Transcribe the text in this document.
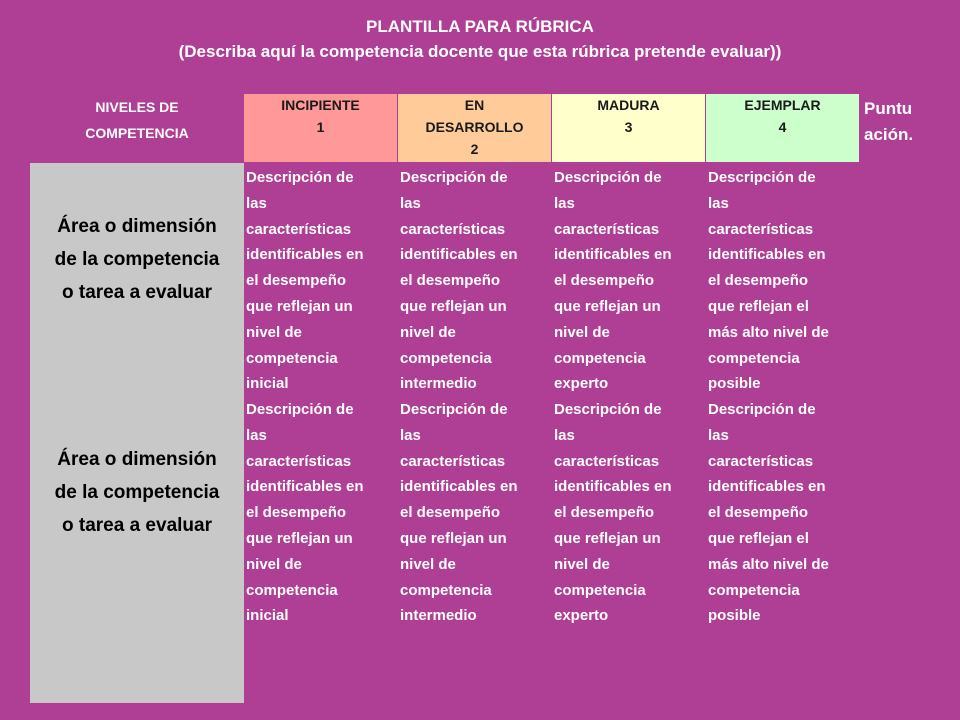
PLANTILLA PARA RÚBRICA
(Describa aquí la competencia docente que esta rúbrica pretende evaluar))
NIVELES DE
COMPETENCIA
INCIPIENTE
1
EN
DESARROLLO
2
MADURA
3
EJEMPLAR
4
Puntu
ación.
Área o dimensión
de la competencia
o tarea a evaluar
Descripción de
las
características
identificables en
el desempeño
que reflejan un
nivel de
competencia
inicial
Descripción de
las
características
identificables en
el desempeño
que reflejan un
nivel de
competencia
intermedio
Descripción de
las
características
identificables en
el desempeño
que reflejan un
nivel de
competencia
experto
Descripción de
las
características
identificables en
el desempeño
que reflejan el
más alto nivel de
competencia
posible
Área o dimensión
de la competencia
o tarea a evaluar
Descripción de
las
características
identificables en
el desempeño
que reflejan un
nivel de
competencia
inicial
Descripción de
las
características
identificables en
el desempeño
que reflejan un
nivel de
competencia
intermedio
Descripción de
las
características
identificables en
el desempeño
que reflejan un
nivel de
competencia
experto
Descripción de
las
características
identificables en
el desempeño
que reflejan el
más alto nivel de
competencia
posible
